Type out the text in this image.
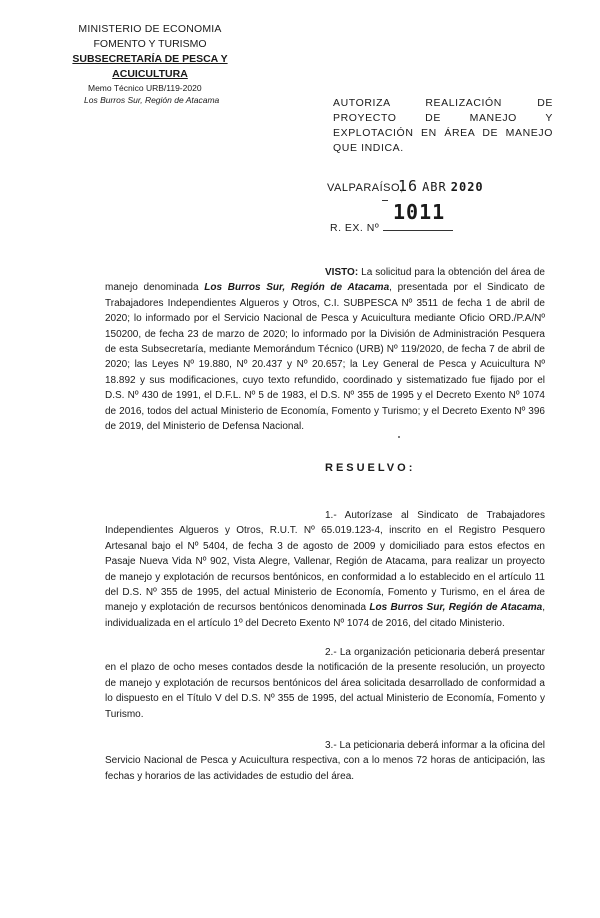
MINISTERIO DE ECONOMIA
FOMENTO Y TURISMO
SUBSECRETARÍA DE PESCA Y ACUICULTURA
Memo Técnico URB/119-2020
Los Burros Sur, Región de Atacama	AUTORIZA REALIZACIÓN DE PROYECTO DE MANEJO Y EXPLOTACIÓN EN ÁREA DE MANEJO QUE INDICA.
VALPARAÍSO,
16 ABR 2020
1011
R. EX. Nº

VISTO: La solicitud para la obtención del área de manejo denominada Los Burros Sur, Región de Atacama, presentada por el Sindicato de Trabajadores Independientes Algueros y Otros, C.I. SUBPESCA Nº 3511 de fecha 1 de abril de 2020; lo informado por el Servicio Nacional de Pesca y Acuicultura mediante Oficio ORD./P.A/Nº 150200, de fecha 23 de marzo de 2020; lo informado por la División de Administración Pesquera de esta Subsecretaría, mediante Memorándum Técnico (URB) Nº 119/2020, de fecha 7 de abril de 2020; las Leyes Nº 19.880, Nº 20.437 y Nº 20.657; la Ley General de Pesca y Acuicultura Nº 18.892 y sus modificaciones, cuyo texto refundido, coordinado y sistematizado fue fijado por el D.S. Nº 430 de 1991, el D.F.L. Nº 5 de 1983, el D.S. Nº 355 de 1995 y el Decreto Exento Nº 1074 de 2016, todos del actual Ministerio de Economía, Fomento y Turismo; y el Decreto Exento Nº 396 de 2019, del Ministerio de Defensa Nacional.

RESUELVO:

1.- Autorízase al Sindicato de Trabajadores Independientes Algueros y Otros, R.U.T. Nº 65.019.123-4, inscrito en el Registro Pesquero Artesanal bajo el Nº 5404, de fecha 3 de agosto de 2009 y domiciliado para estos efectos en Pasaje Nueva Vida Nº 902, Vista Alegre, Vallenar, Región de Atacama, para realizar un proyecto de manejo y explotación de recursos bentónicos, en conformidad a lo establecido en el artículo 11 del D.S. Nº 355 de 1995, del actual Ministerio de Economía, Fomento y Turismo, en el área de manejo y explotación de recursos bentónicos denominada Los Burros Sur, Región de Atacama, individualizada en el artículo 1º del Decreto Exento Nº 1074 de 2016, del citado Ministerio.

2.- La organización peticionaria deberá presentar en el plazo de ocho meses contados desde la notificación de la presente resolución, un proyecto de manejo y explotación de recursos bentónicos del área solicitada desarrollado de conformidad a lo dispuesto en el Título V del D.S. Nº 355 de 1995, del actual Ministerio de Economía, Fomento y Turismo.

3.- La peticionaria deberá informar a la oficina del Servicio Nacional de Pesca y Acuicultura respectiva, con a lo menos 72 horas de anticipación, las fechas y horarios de las actividades de estudio del área.
